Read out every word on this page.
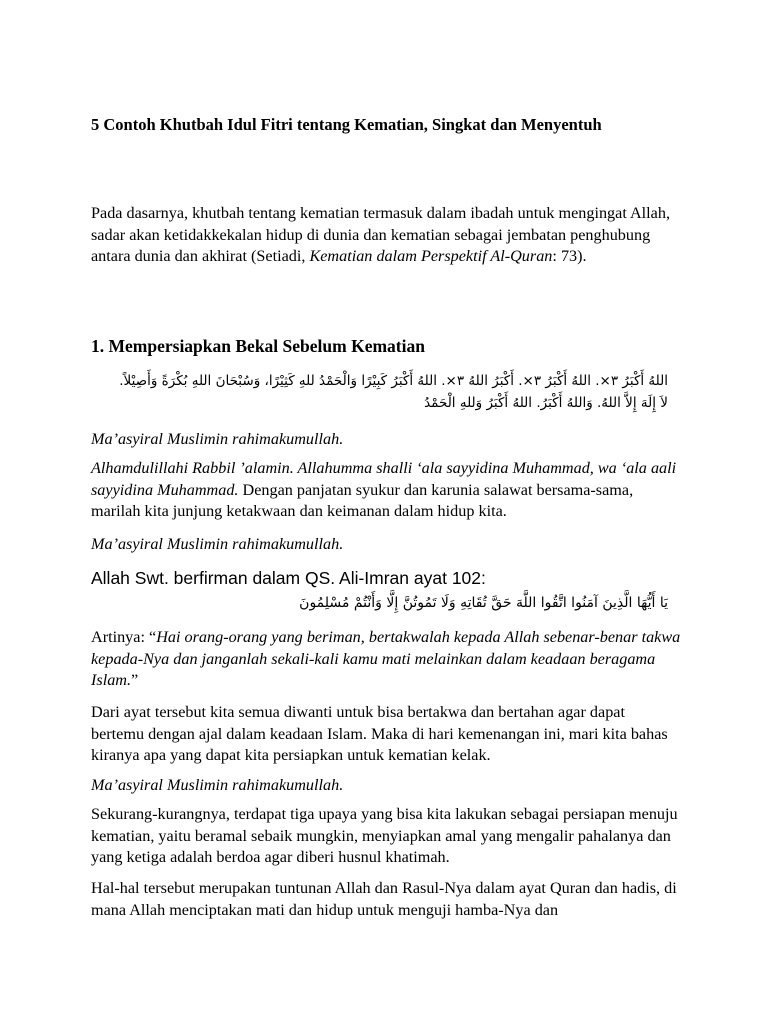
5 Contoh Khutbah Idul Fitri tentang Kematian, Singkat dan Menyentuh

Pada dasarnya, khutbah tentang kematian termasuk dalam ibadah untuk mengingat Allah, sadar akan ketidakkekalan hidup di dunia dan kematian sebagai jembatan penghubung antara dunia dan akhirat (Setiadi, Kematian dalam Perspektif Al-Quran: 73).

1. Mempersiapkan Bekal Sebelum Kematian

اللهُ أَكْبَرُ ٣×. اللهُ أَكْبَرُ ٣×. أَكْبَرُ اللهُ ٣×. اللهُ أَكْبَرُ كَبِيْرًا وَالْحَمْدُ للهِ كَثِيْرًا، وَسُبْحَانَ اللهِ بُكْرَةً وَأَصِيْلاً.
لاَ إِلَهَ إِلاَّ اللهُ. وَاللهُ أَكْبَرُ. اللهُ أَكْبَرُ وَللهِ الْحَمْدُ

Ma’asyiral Muslimin rahimakumullah.

Alhamdulillahi Rabbil ’alamin. Allahumma shalli ‘ala sayyidina Muhammad, wa ‘ala aali sayyidina Muhammad. Dengan panjatan syukur dan karunia salawat bersama-sama, marilah kita junjung ketakwaan dan keimanan dalam hidup kita.

Ma’asyiral Muslimin rahimakumullah.

Allah Swt. berfirman dalam QS. Ali-Imran ayat 102:

يَا أَيُّهَا الَّذِينَ آمَنُوا اتَّقُوا اللَّهَ حَقَّ تُقَاتِهِ وَلَا تَمُوتُنَّ إِلَّا وَأَنْتُمْ مُسْلِمُونَ

Artinya: “Hai orang-orang yang beriman, bertakwalah kepada Allah sebenar-benar takwa kepada-Nya dan janganlah sekali-kali kamu mati melainkan dalam keadaan beragama Islam.”

Dari ayat tersebut kita semua diwanti untuk bisa bertakwa dan bertahan agar dapat bertemu dengan ajal dalam keadaan Islam. Maka di hari kemenangan ini, mari kita bahas kiranya apa yang dapat kita persiapkan untuk kematian kelak.

Ma’asyiral Muslimin rahimakumullah.

Sekurang-kurangnya, terdapat tiga upaya yang bisa kita lakukan sebagai persiapan menuju kematian, yaitu beramal sebaik mungkin, menyiapkan amal yang mengalir pahalanya dan yang ketiga adalah berdoa agar diberi husnul khatimah.

Hal-hal tersebut merupakan tuntunan Allah dan Rasul-Nya dalam ayat Quran dan hadis, di mana Allah menciptakan mati dan hidup untuk menguji hamba-Nya dan
